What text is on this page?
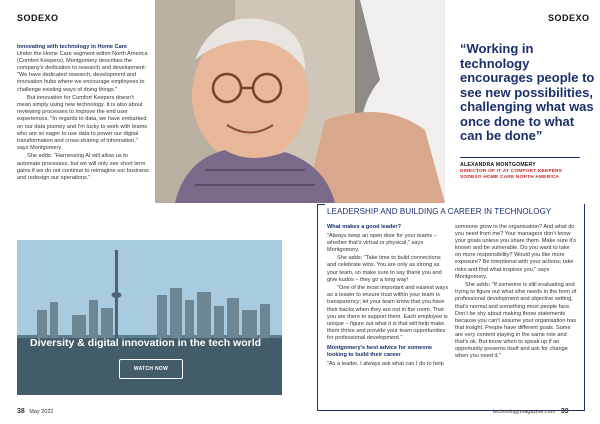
SODEXO	SODEXO

Innovating with technology in Home Care
Under the Home Care segment within North America (Comfort Keepers), Montgomery describes the company's dedication to research and development: "We have dedicated research, development and innovation hubs where we encourage employees to challenge existing ways of doing things."

But innovation for Comfort Keepers doesn't mean simply using new technology. It is also about reviewing processes to improve the end user experiences. "In regards to data, we have embarked on our data journey and I'm lucky to work with teams who are so eager to use data to power our digital transformation and cross-sharing of information," says Montgomery.

She adds: "Harnessing AI will allow us to automate processes, but we will only see short term gains if we do not continue to reimagine our business and redesign our operations."

“Working in technology encourages people to see new possibilities, challenging what was once done to what can be done”
ALEXANDRA MONTGOMERY
DIRECTOR OF IT AT COMFORT KEEPERS
SODEXO HOME CARE NORTH AMERICA
Diversity & digital innovation in the tech world
WATCH NOW
LEADERSHIP AND BUILDING A CAREER IN TECHNOLOGY

What makes a good leader?

"Always keep an open door for your teams – whether that's virtual or physical," says Montgomery.

She adds: "Take time to build connections and celebrate wins. You are only as strong as your team, so make sure to say thank you and give kudos – they go a long way!

"One of the most important and easiest ways as a leader to ensure trust within your team is transparency; let your team know that you have their backs when they are not in the room. That you are there to support them. Each employee is unique – figure out what it is that will help make them thrive and provide your team opportunities for professional development."

Montgomery's best advice for someone looking to build their career

"As a leader, I always ask what can I do to help

someone grow in the organisation? And what do you need from me? Your managers don't know your goals unless you share them. Make sure it's known and be vulnerable. Do you want to take on more responsibility? Would you like more exposure? Be intentional with your actions; take risks and find what inspires you," says Montgomery.

She adds: "If someone is still evaluating and trying to figure out what s/he needs in the form of professional development and objective setting, that's normal and something most people face. Don't be shy about making those statements because you can't assume your organisation has that insight. People have different goals. Some are very content staying in the same role and that's ok. But know when to speak up if an opportunity presents itself and ask for change when you need it."

38 May 2022	technologymagazine.com 39
